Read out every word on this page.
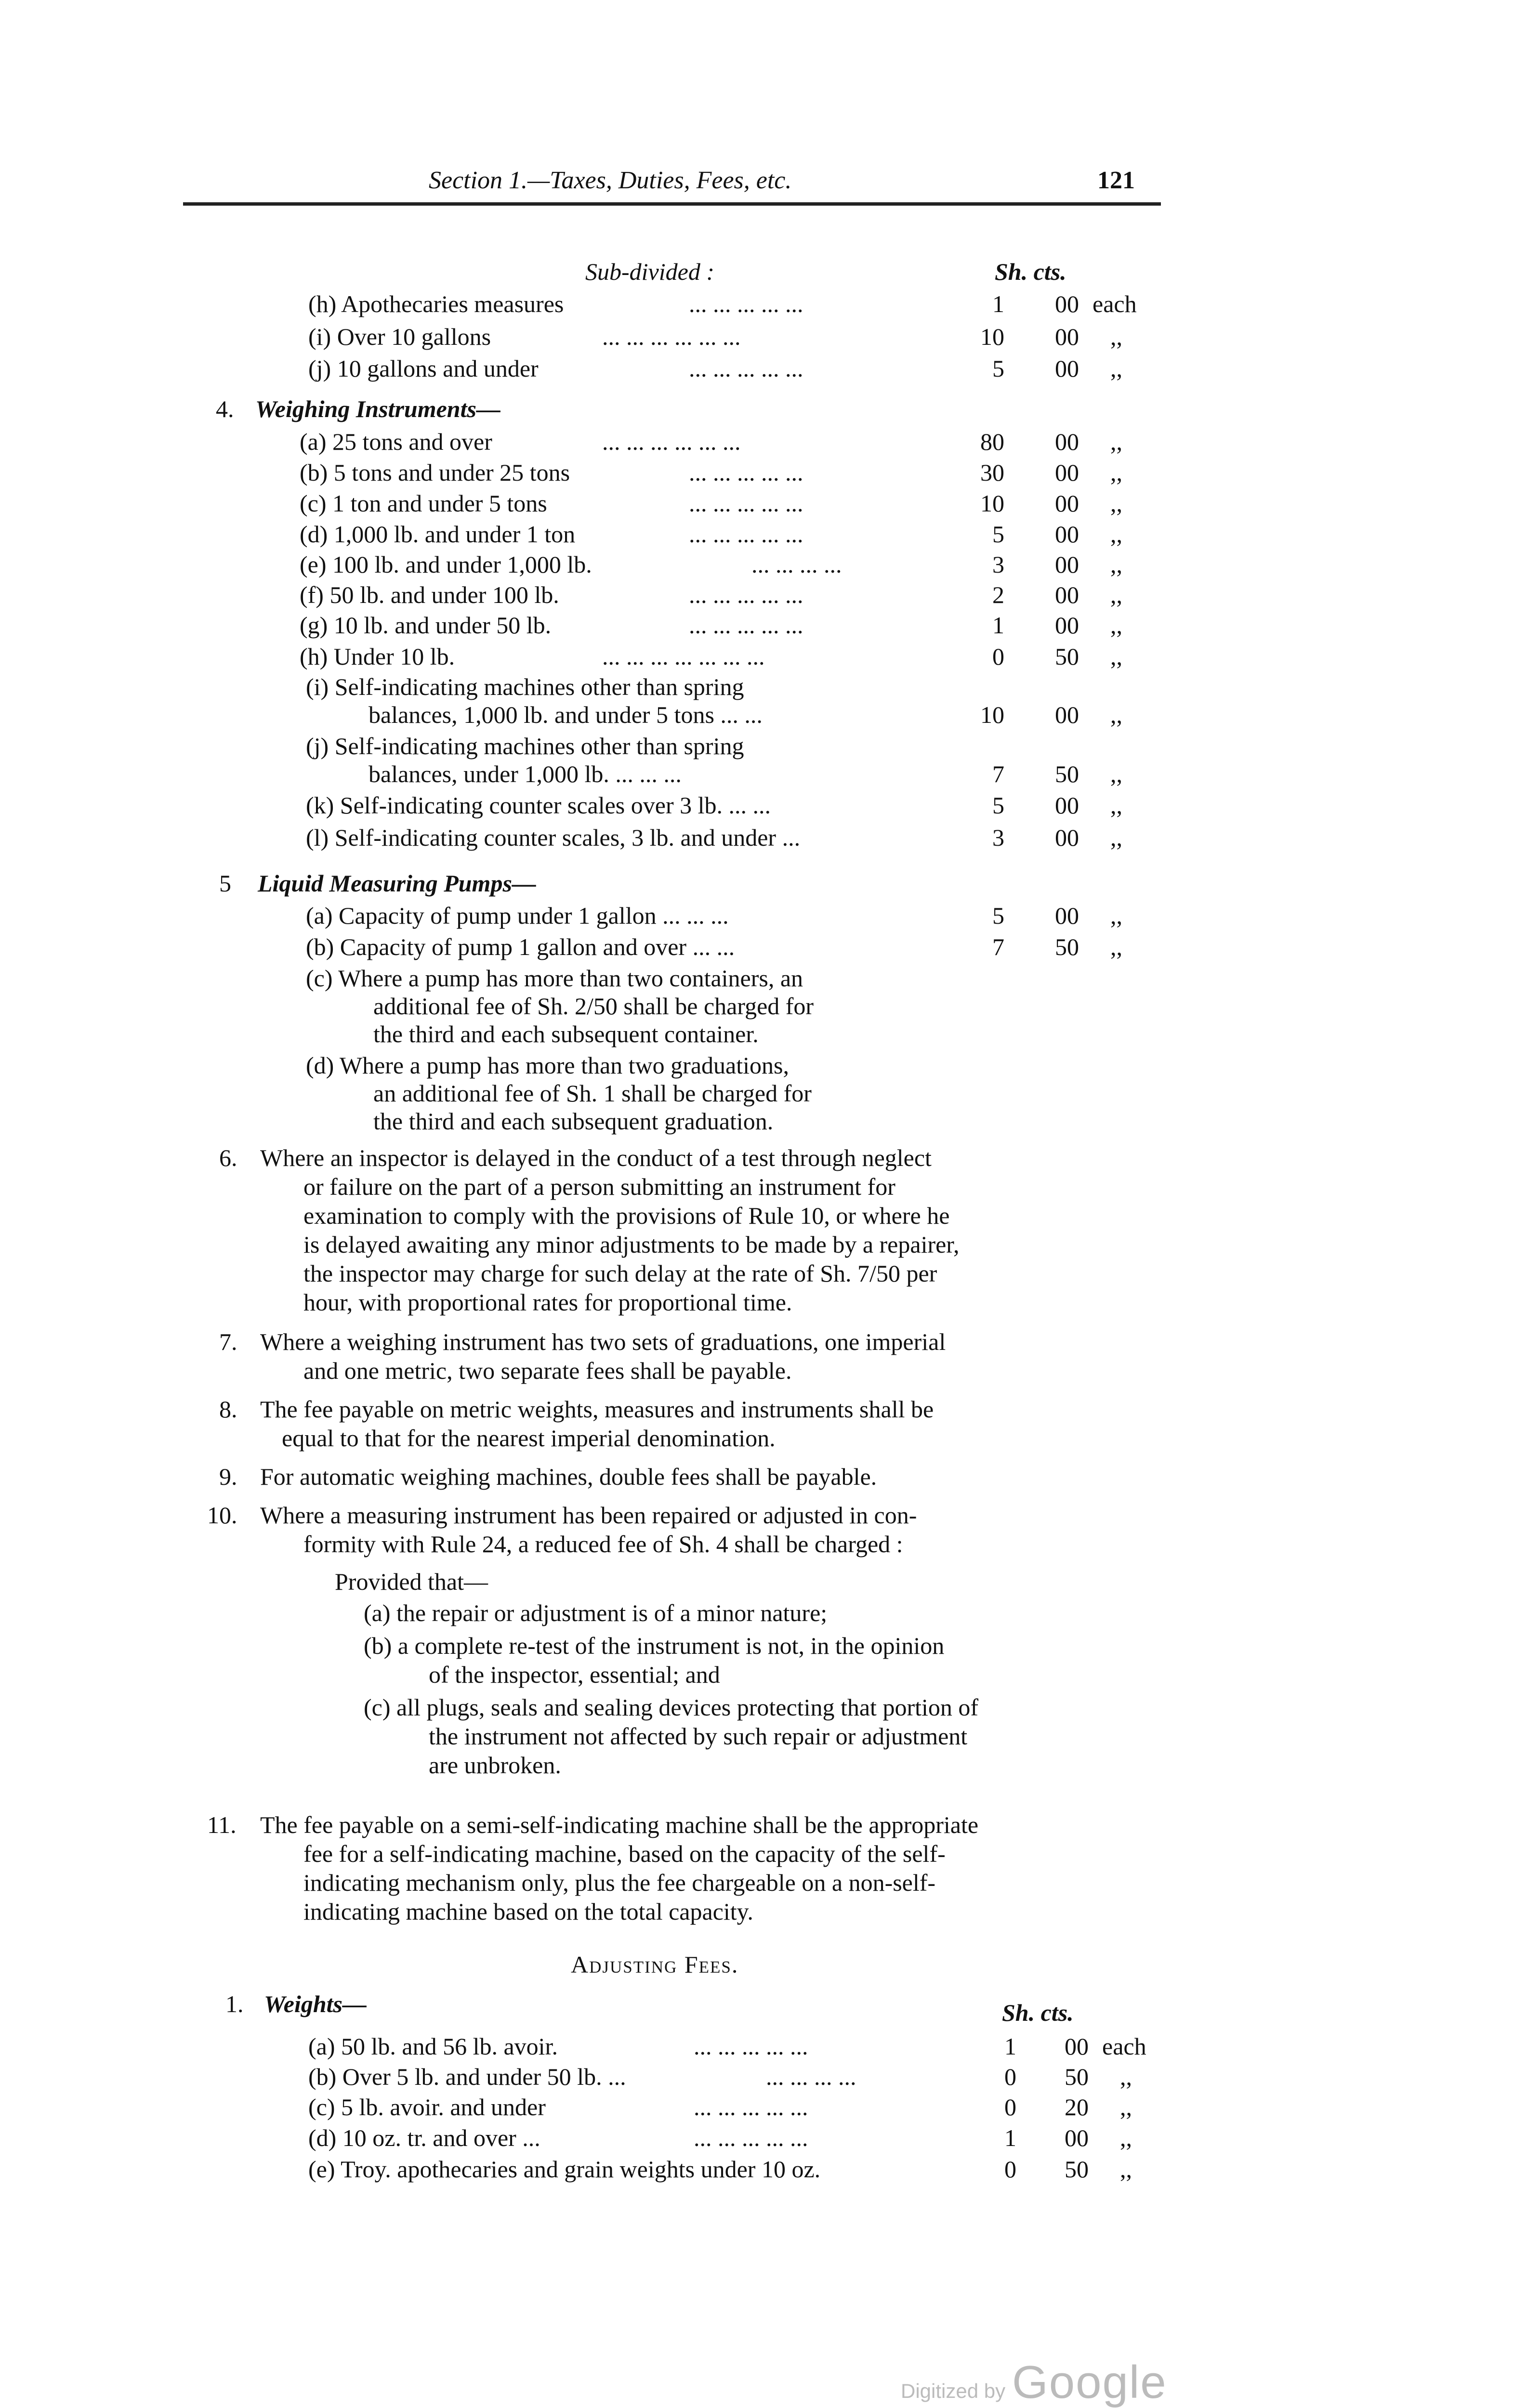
Section 1.—Taxes, Duties, Fees, etc.	121
Sub-divided :	Sh. cts.
(h) Apothecaries measures	... ... ... ... ...	1 00 each
(i) Over 10 gallons	... ... ... ... ... ...	10 00 ,,
(j) 10 gallons and under	... ... ... ... ...	5 00 ,,
4. Weighing Instruments—
(a) 25 tons and over	... ... ... ... ... ...	80 00 ,,
(b) 5 tons and under 25 tons	... ... ... ... ...	30 00 ,,
(c) 1 ton and under 5 tons	... ... ... ... ...	10 00 ,,
(d) 1,000 lb. and under 1 ton	... ... ... ... ...	5 00 ,,
(e) 100 lb. and under 1,000 lb.	... ... ... ...	3 00 ,,
(f) 50 lb. and under 100 lb.	... ... ... ... ...	2 00 ,,
(g) 10 lb. and under 50 lb.	... ... ... ... ...	1 00 ,,
(h) Under 10 lb.	... ... ... ... ... ... ...	0 50 ,,
(i) Self-indicating machines other than spring
balances, 1,000 lb. and under 5 tons ... ...	10 00 ,,
(j) Self-indicating machines other than spring
balances, under 1,000 lb. ... ... ...	7 50 ,,
(k) Self-indicating counter scales over 3 lb. ... ...	5 00 ,,
(l) Self-indicating counter scales, 3 lb. and under ...	3 00 ,,
5 Liquid Measuring Pumps—
(a) Capacity of pump under 1 gallon ... ... ...	5 00 ,,
(b) Capacity of pump 1 gallon and over ... ...	7 50 ,,
(c) Where a pump has more than two containers, an
additional fee of Sh. 2/50 shall be charged for
the third and each subsequent container.
(d) Where a pump has more than two graduations,
an additional fee of Sh. 1 shall be charged for
the third and each subsequent graduation.
6. Where an inspector is delayed in the conduct of a test through neglect
or failure on the part of a person submitting an instrument for
examination to comply with the provisions of Rule 10, or where he
is delayed awaiting any minor adjustments to be made by a repairer,
the inspector may charge for such delay at the rate of Sh. 7/50 per
hour, with proportional rates for proportional time.
7. Where a weighing instrument has two sets of graduations, one imperial
and one metric, two separate fees shall be payable.
8. The fee payable on metric weights, measures and instruments shall be
equal to that for the nearest imperial denomination.
9. For automatic weighing machines, double fees shall be payable.
10. Where a measuring instrument has been repaired or adjusted in con-
formity with Rule 24, a reduced fee of Sh. 4 shall be charged :
Provided that—
(a) the repair or adjustment is of a minor nature;
(b) a complete re-test of the instrument is not, in the opinion
of the inspector, essential; and
(c) all plugs, seals and sealing devices protecting that portion of
the instrument not affected by such repair or adjustment
are unbroken.
11. The fee payable on a semi-self-indicating machine shall be the appropriate
fee for a self-indicating machine, based on the capacity of the self-
indicating mechanism only, plus the fee chargeable on a non-self-
indicating machine based on the total capacity.
Adjusting Fees.
1. Weights—	Sh. cts.
(a) 50 lb. and 56 lb. avoir.	... ... ... ... ...	1 00 each
(b) Over 5 lb. and under 50 lb. ...	... ... ... ...	0 50 ,,
(c) 5 lb. avoir. and under	... ... ... ... ...	0 20 ,,
(d) 10 oz. tr. and over ...	... ... ... ... ...	1 00 ,,
(e) Troy. apothecaries and grain weights under 10 oz.	0 50 ,,
Digitized by Google
